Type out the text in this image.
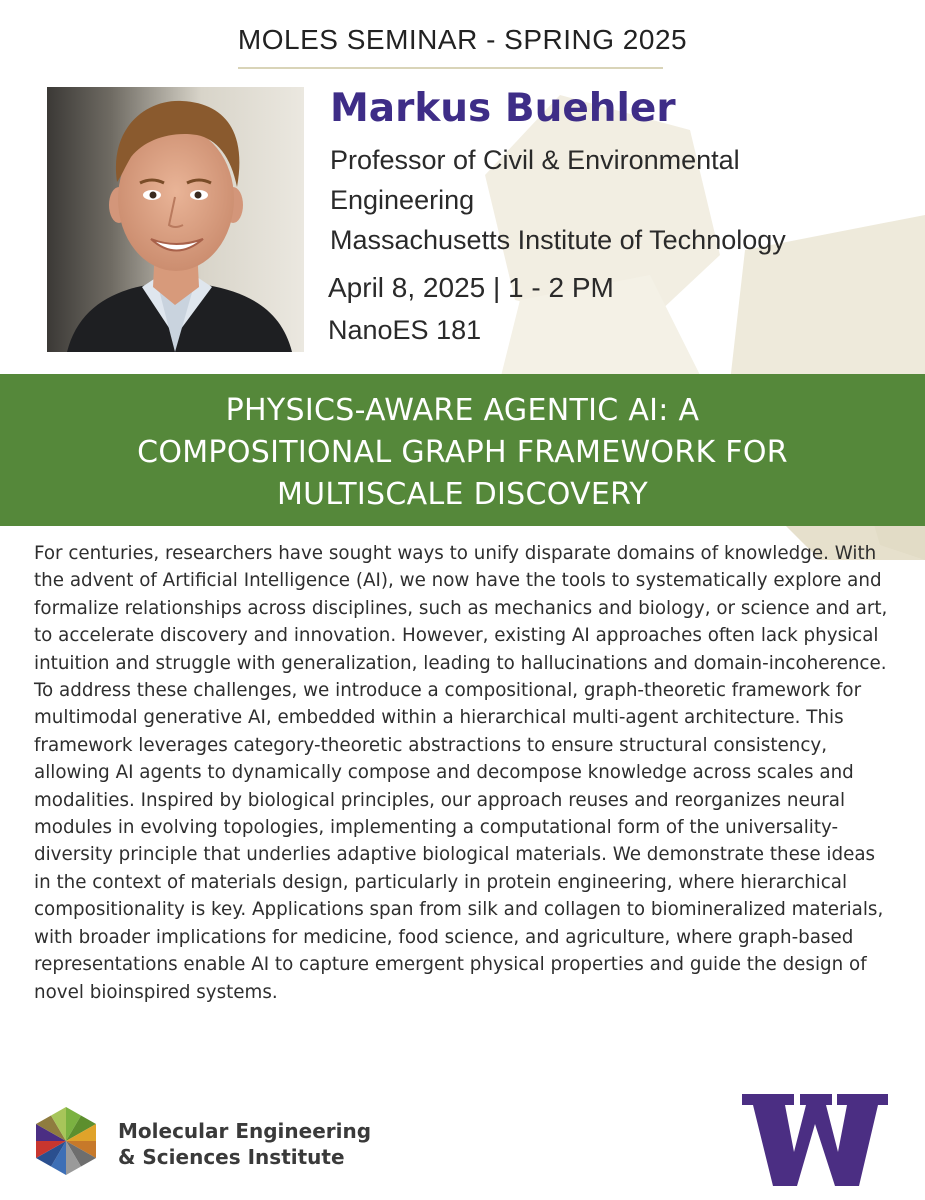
MOLES SEMINAR - SPRING 2025
Markus Buehler
Professor of Civil & Environmental
Engineering
Massachusetts Institute of Technology
April 8, 2025 | 1 - 2 PM
NanoES 181
PHYSICS-AWARE AGENTIC AI: A
COMPOSITIONAL GRAPH FRAMEWORK FOR
MULTISCALE DISCOVERY
For centuries, researchers have sought ways to unify disparate domains of knowledge. With the advent of Artificial Intelligence (AI), we now have the tools to systematically explore and formalize relationships across disciplines, such as mechanics and biology, or science and art, to accelerate discovery and innovation. However, existing AI approaches often lack physical intuition and struggle with generalization, leading to hallucinations and domain-incoherence. To address these challenges, we introduce a compositional, graph-theoretic framework for multimodal generative AI, embedded within a hierarchical multi-agent architecture. This framework leverages category-theoretic abstractions to ensure structural consistency, allowing AI agents to dynamically compose and decompose knowledge across scales and modalities. Inspired by biological principles, our approach reuses and reorganizes neural modules in evolving topologies, implementing a computational form of the universality-diversity principle that underlies adaptive biological materials. We demonstrate these ideas in the context of materials design, particularly in protein engineering, where hierarchical compositionality is key. Applications span from silk and collagen to biomineralized materials, with broader implications for medicine, food science, and agriculture, where graph-based representations enable AI to capture emergent physical properties and guide the design of novel bioinspired systems.
Molecular Engineering
& Sciences Institute
